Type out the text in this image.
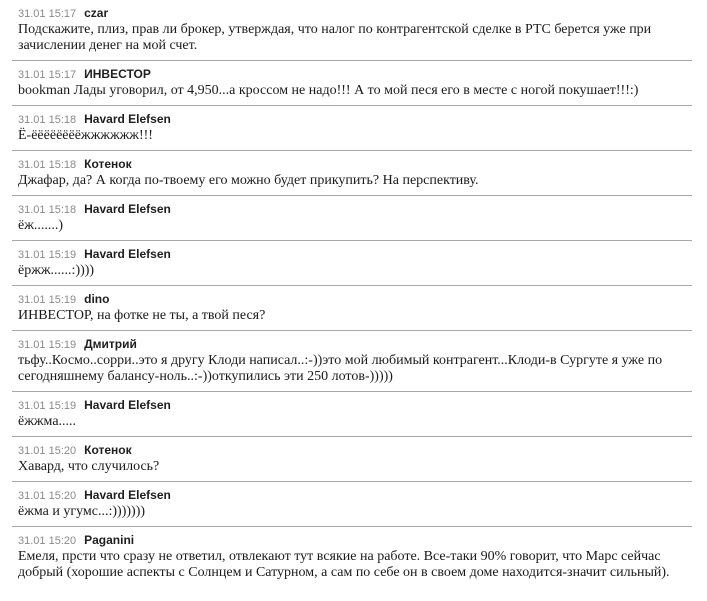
31.01 15:17 czar
Подскажите, плиз, прав ли брокер, утверждая, что налог по контрагентской сделке в РТС берется уже при зачислении денег на мой счет.
31.01 15:17 ИНВЕСТОР
bookman Лады уговорил, от 4,950...а кроссом не надо!!! А то мой песя его в месте с ногой покушает!!!:)
31.01 15:18 Havard Elefsen
Ё-ёёёёёёёёжжжжжж!!!
31.01 15:18 Котенок
Джафар, да? А когда по-твоему его можно будет прикупить? На перспективу.
31.01 15:18 Havard Elefsen
ёж.......)
31.01 15:19 Havard Elefsen
ёржж......:))))
31.01 15:19 dino
ИНВЕСТОР, на фотке не ты, а твой песя?
31.01 15:19 Дмитрий
тьфу..Космо..сорри..это я другу Клоди написал..:-))это мой любимый контрагент...Клоди-в Сургуте я уже по сегодняшнему балансу-ноль..:-))откупились эти 250 лотов-)))))
31.01 15:19 Havard Elefsen
ёжжма.....
31.01 15:20 Котенок
Хавард, что случилось?
31.01 15:20 Havard Elefsen
ёжма и угумс...:)))))))
31.01 15:20 Paganini
Емеля, прсти что сразу не ответил, отвлекают тут всякие на работе. Все-таки 90% говорит, что Марс сейчас добрый (хорошие аспекты с Солнцем и Сатурном, а сам по себе он в своем доме находится-значит сильный).
